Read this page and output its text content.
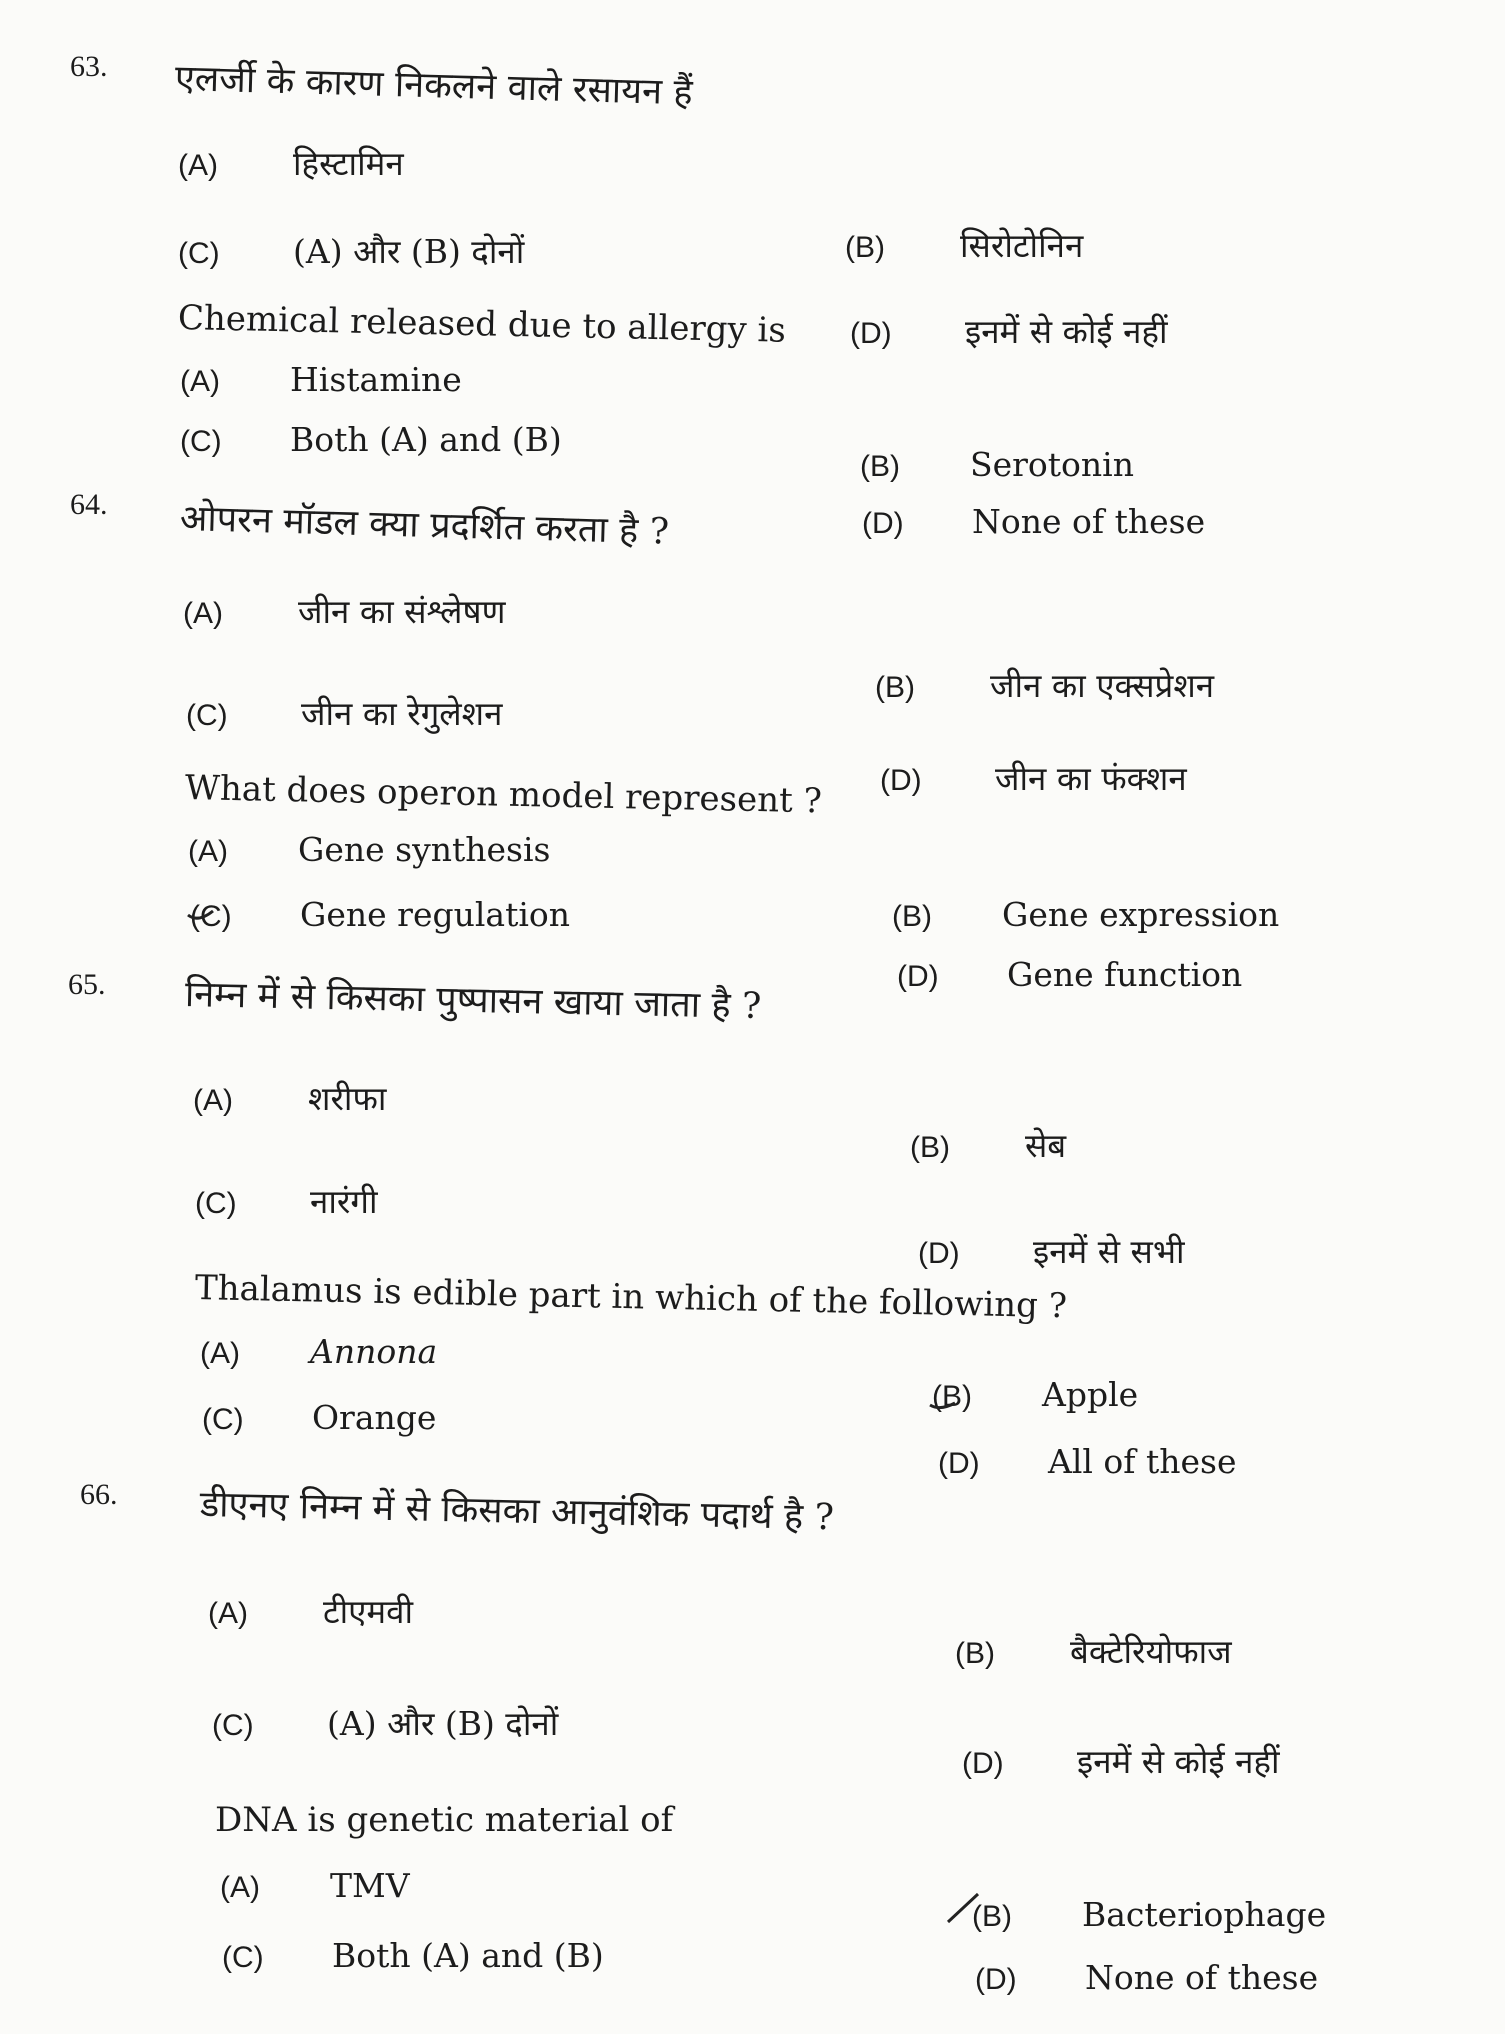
63. एलर्जी के कारण निकलने वाले रसायन हैं
(A) हिस्टामिन
(B) सिरोटोनिन
(C) (A) और (B) दोनों
(D) इनमें से कोई नहीं
Chemical released due to allergy is
(A) Histamine
(C) Both (A) and (B)
(B) Serotonin
(D) None of these
64. ओपरन मॉडल क्या प्रदर्शित करता है ?
(A) जीन का संश्लेषण
(B) जीन का एक्सप्रेशन
(C) जीन का रेगुलेशन
(D) जीन का फंक्शन
What does operon model represent ?
(A) Gene synthesis
(C) Gene regulation	(B) Gene expression
(D) Gene function
65. निम्न में से किसका पुष्पासन खाया जाता है ?
(A) शरीफा
(B) सेब
(C) नारंगी
(D) इनमें से सभी
Thalamus is edible part in which of the following ?
(A) Annona
(C) Orange
(B) Apple
(D) All of these
66. डीएनए निम्न में से किसका आनुवंशिक पदार्थ है ?
(A) टीएमवी
(B) बैक्टेरियोफाज
(C) (A) और (B) दोनों
(D) इनमें से कोई नहीं
DNA is genetic material of
(A) TMV
(C) Both (A) and (B)
(B) Bacteriophage
(D) None of these
